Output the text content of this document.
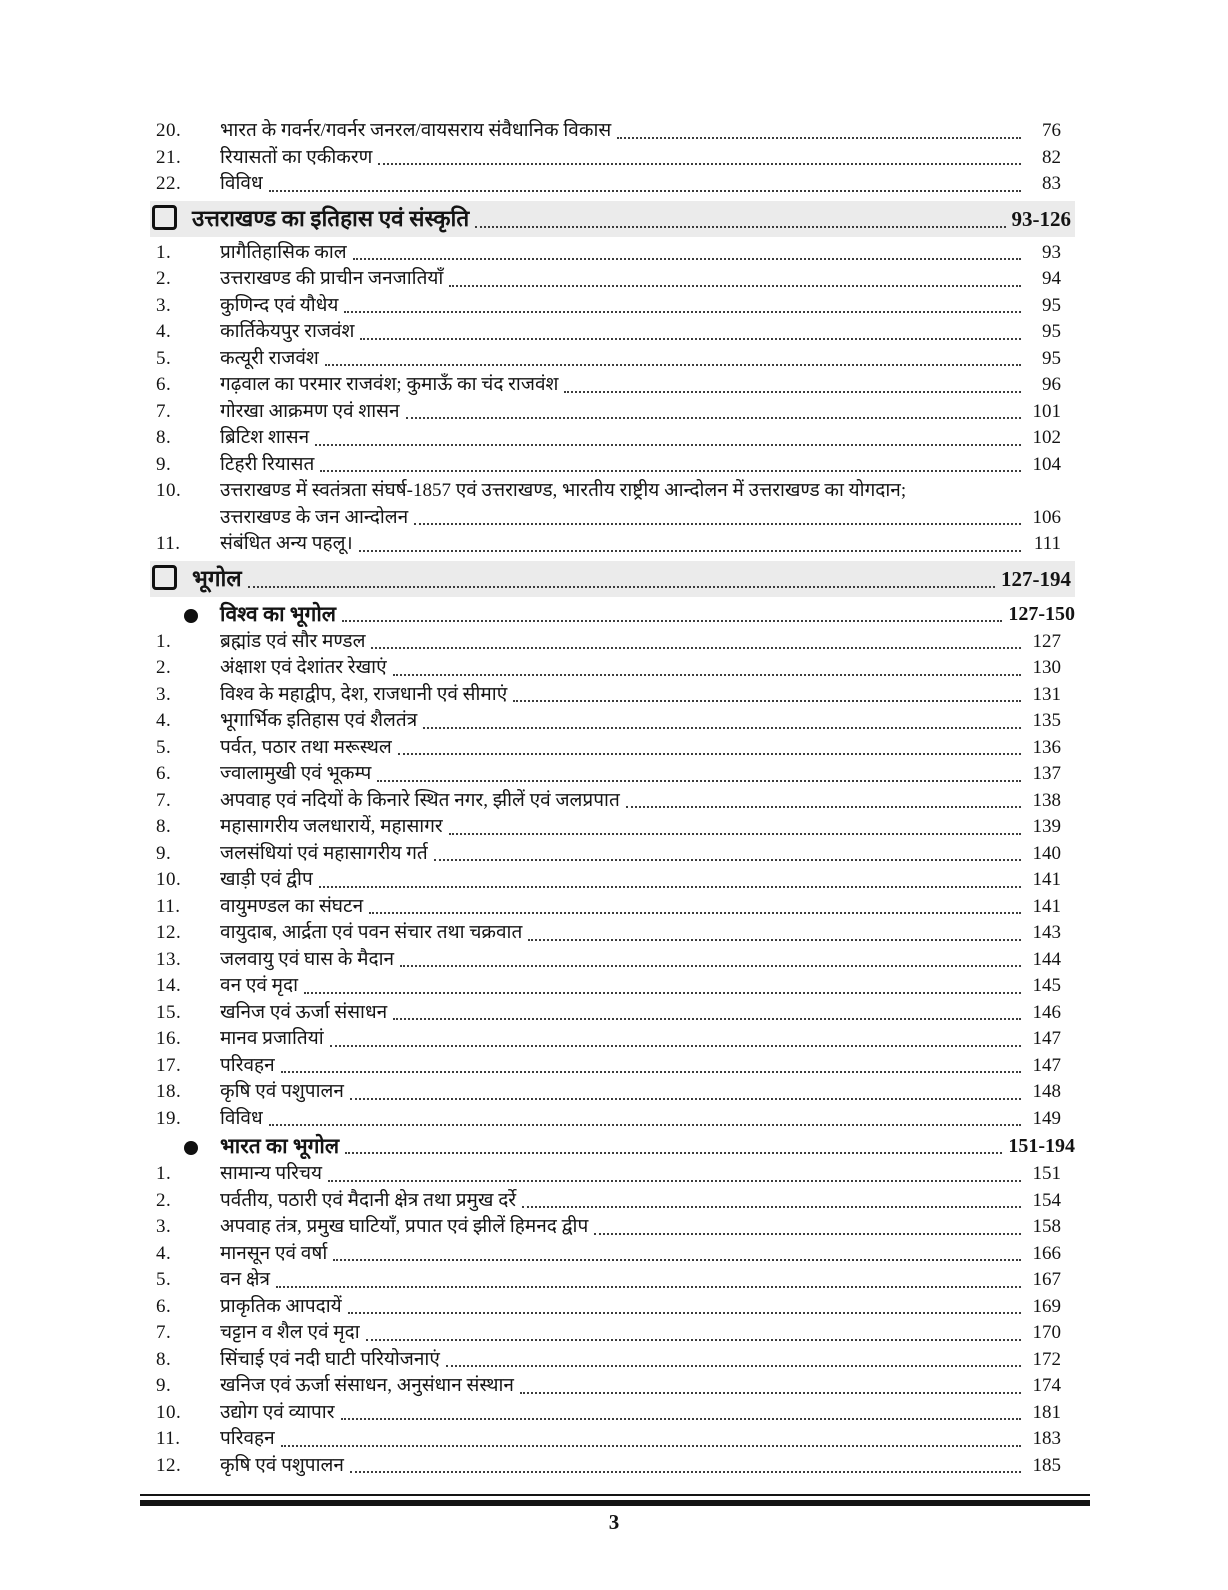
20.	भारत के गवर्नर/गवर्नर जनरल/वायसराय संवैधानिक विकास	76
21.	रियासतों का एकीकरण	82
22.	विविध	83
उत्तराखण्ड का इतिहास एवं संस्कृति	93-126
1.	प्रागैतिहासिक काल	93
2.	उत्तराखण्ड की प्राचीन जनजातियाँ	94
3.	कुणिन्द एवं यौधेय	95
4.	कार्तिकेयपुर राजवंश	95
5.	कत्यूरी राजवंश	95
6.	गढ़वाल का परमार राजवंश; कुमाऊँ का चंद राजवंश	96
7.	गोरखा आक्रमण एवं शासन	101
8.	ब्रिटिश शासन	102
9.	टिहरी रियासत	104
10.	उत्तराखण्ड में स्वतंत्रता संघर्ष-1857 एवं उत्तराखण्ड, भारतीय राष्ट्रीय आन्दोलन में उत्तराखण्ड का योगदान;
उत्तराखण्ड के जन आन्दोलन	106
11.	संबंधित अन्य पहलू।	111
भूगोल	127-194
विश्व का भूगोल	127-150
1.	ब्रह्मांड एवं सौर मण्डल	127
2.	अंक्षाश एवं देशांतर रेखाएं	130
3.	विश्व के महाद्वीप, देश, राजधानी एवं सीमाएं	131
4.	भूगार्भिक इतिहास एवं शैलतंत्र	135
5.	पर्वत, पठार तथा मरूस्थल	136
6.	ज्वालामुखी एवं भूकम्प	137
7.	अपवाह एवं नदियों के किनारे स्थित नगर, झीलें एवं जलप्रपात	138
8.	महासागरीय जलधारायें, महासागर	139
9.	जलसंधियां एवं महासागरीय गर्त	140
10.	खाड़ी एवं द्वीप	141
11.	वायुमण्डल का संघटन	141
12.	वायुदाब, आर्द्रता एवं पवन संचार तथा चक्रवात	143
13.	जलवायु एवं घास के मैदान	144
14.	वन एवं मृदा	145
15.	खनिज एवं ऊर्जा संसाधन	146
16.	मानव प्रजातियां	147
17.	परिवहन	147
18.	कृषि एवं पशुपालन	148
19.	विविध	149
भारत का भूगोल	151-194
1.	सामान्य परिचय	151
2.	पर्वतीय, पठारी एवं मैदानी क्षेत्र तथा प्रमुख दर्रे	154
3.	अपवाह तंत्र, प्रमुख घाटियाँ, प्रपात एवं झीलें हिमनद द्वीप	158
4.	मानसून एवं वर्षा	166
5.	वन क्षेत्र	167
6.	प्राकृतिक आपदायें	169
7.	चट्टान व शैल एवं मृदा	170
8.	सिंचाई एवं नदी घाटी परियोजनाएं	172
9.	खनिज एवं ऊर्जा संसाधन, अनुसंधान संस्थान	174
10.	उद्योग एवं व्यापार	181
11.	परिवहन	183
12.	कृषि एवं पशुपालन	185
3
